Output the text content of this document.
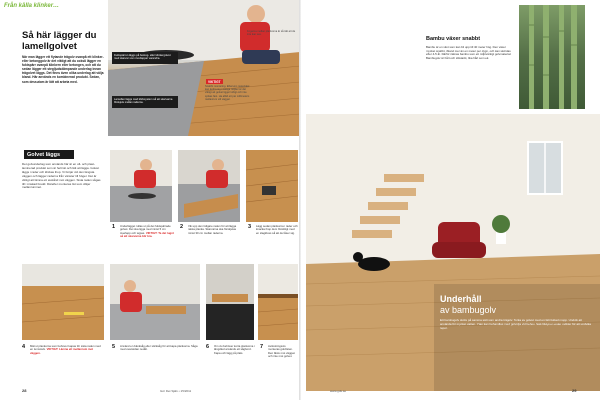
Från källa klinker…
Så här lägger du lamellgolvet
När man lägger ett flytande trägolv ovanpå ett klinker- eller betonggolv är det viktigt att du också lägger en fuktspärr ovanpå klinkern eller betongen, och att du sedan lägger ett stegljudsdämpande underlag innan trägolvet läggs. Det finns även olika underlag att välja bland. Här används en kombinerad produkt. Sedan, som dessutom är lätt att arbeta med.
Fuktspärren läggs på betong- eller klinkergolvet med skarvar som överlappar varandra.
Lamellen läggs med klicksystem så att skarvarna förskjuts mellan raderna.
Fogarna mellan plankorna är så tätt att de inte kan ses.
VIKTIGT
Snabbt montering. Eftersom materialet kan ändra sig i fuktiga miljöer är det viktigt att golvet ligger luftigt och inte spikas fast. Ha alltid ett par millimeters mellanrum vid väggar.
Golvet läggs
Det golvunderlag som används här är en ull- och plast-laminerad produkt som är helt tät och lätt att lägga. Golvet läggs i rader och klickas ihop. Vi börjar vid den längsta väggen och lägger raderna från vänster till höger. Det är viktigt att lämna ett avstånd mot väggen. Sista raden sågas till i önskad bredd. Därefter monteras list som döljer mellanrummet.
1 Underlägget rullas ut på det fuktspärrade golvet. Det ska ligga med minst 5 cm överlapp och tejpas. VIKTIGT: Ta det lugnt så att skarvarna blir bra.
2 Vik upp den tidigare raden för att lägga nästa planka. Skarvarna ska förskjutas minst 30 cm mellan raderna.
3 Lägg sedan plankorna i rader och knacka ihop dem försiktigt med en slagkloss så att de låser sig.
4 Mät ut plankorna som behöver kapas för sista raden med en tumstock. VIKTIGT: Lämna ett mellanrum mot väggen.
5 Använd en bänksåg eller sticksåg för att kapa plankorna. Såga med ovansidan nedåt.	6 Om du behöver korta plankorna i längdled används ett sågbord. Kapa och lägg på plats.
7 Avslutningsvis monteras golvlisten. Den fästs mot väggen och inte mot golvet.
28	Gör Det Själv • 15/2011
Bambu växer snabbt
Bambu är en växt som kan bli upp till 40 meter hög. Den växer mycket snabbt, ibland mer än en meter per dygn, och kan skördas efter 4-5 år. Därför räknas bambu som ett miljövänligt golvmaterial. Bambugolv är hårt och slitstarkt, lika hårt som ek.
Underhåll
av bambugolv
Ett bambugolv sköts på samma sätt som andra trägolv. Torka av golvet med en lätt fuktad mopp. Undvik att använda för mycket vatten. Ytan kan behandlas med golvolja vid behov. Sätt filtdynor under möbler för att undvika repor.
www.gds.se	29
